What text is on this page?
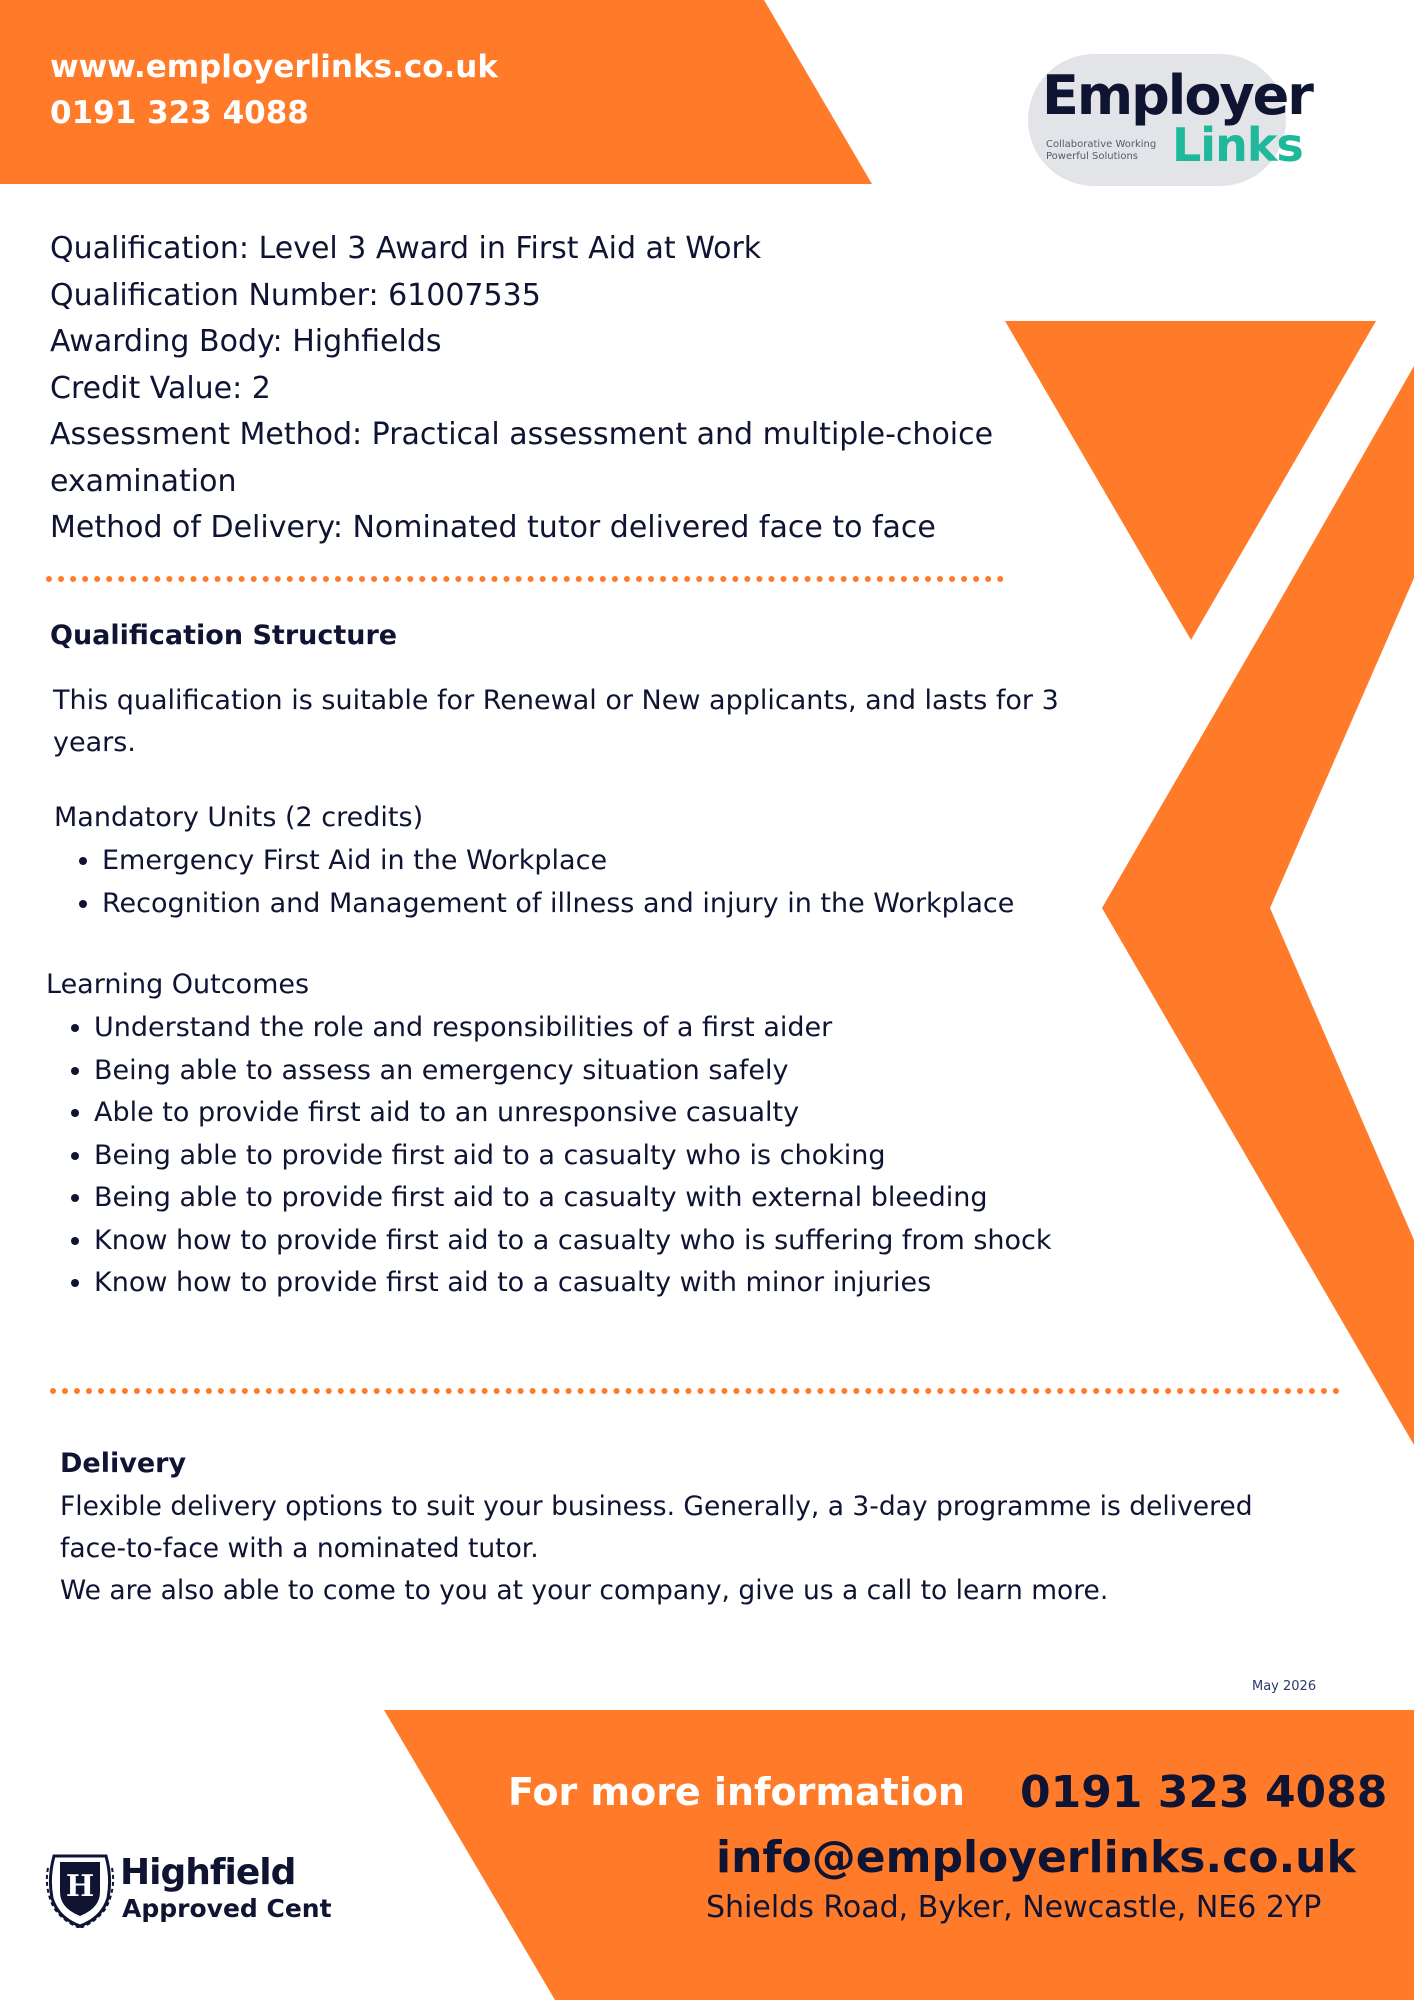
www.employerlinks.co.uk
0191 323 4088	Employer
Links
Collaborative Working
Powerful Solutions
Qualification: Level 3 Award in First Aid at Work
Qualification Number: 61007535
Awarding Body: Highfields
Credit Value: 2
Assessment Method: Practical assessment and multiple-choice
examination
Method of Delivery: Nominated tutor delivered face to face
Qualification Structure
This qualification is suitable for Renewal or New applicants, and lasts for 3
years.
Mandatory Units (2 credits)
• Emergency First Aid in the Workplace
• Recognition and Management of illness and injury in the Workplace
Learning Outcomes
• Understand the role and responsibilities of a first aider
• Being able to assess an emergency situation safely
• Able to provide first aid to an unresponsive casualty
• Being able to provide first aid to a casualty who is choking
• Being able to provide first aid to a casualty with external bleeding
• Know how to provide first aid to a casualty who is suffering from shock
• Know how to provide first aid to a casualty with minor injuries
Delivery
Flexible delivery options to suit your business. Generally, a 3-day programme is delivered
face-to-face with a nominated tutor.
We are also able to come to you at your company, give us a call to learn more.
May 2026
For more information 0191 323 4088
info@employerlinks.co.uk
Shields Road, Byker, Newcastle, NE6 2YP
H Highfield
Approved Cent
